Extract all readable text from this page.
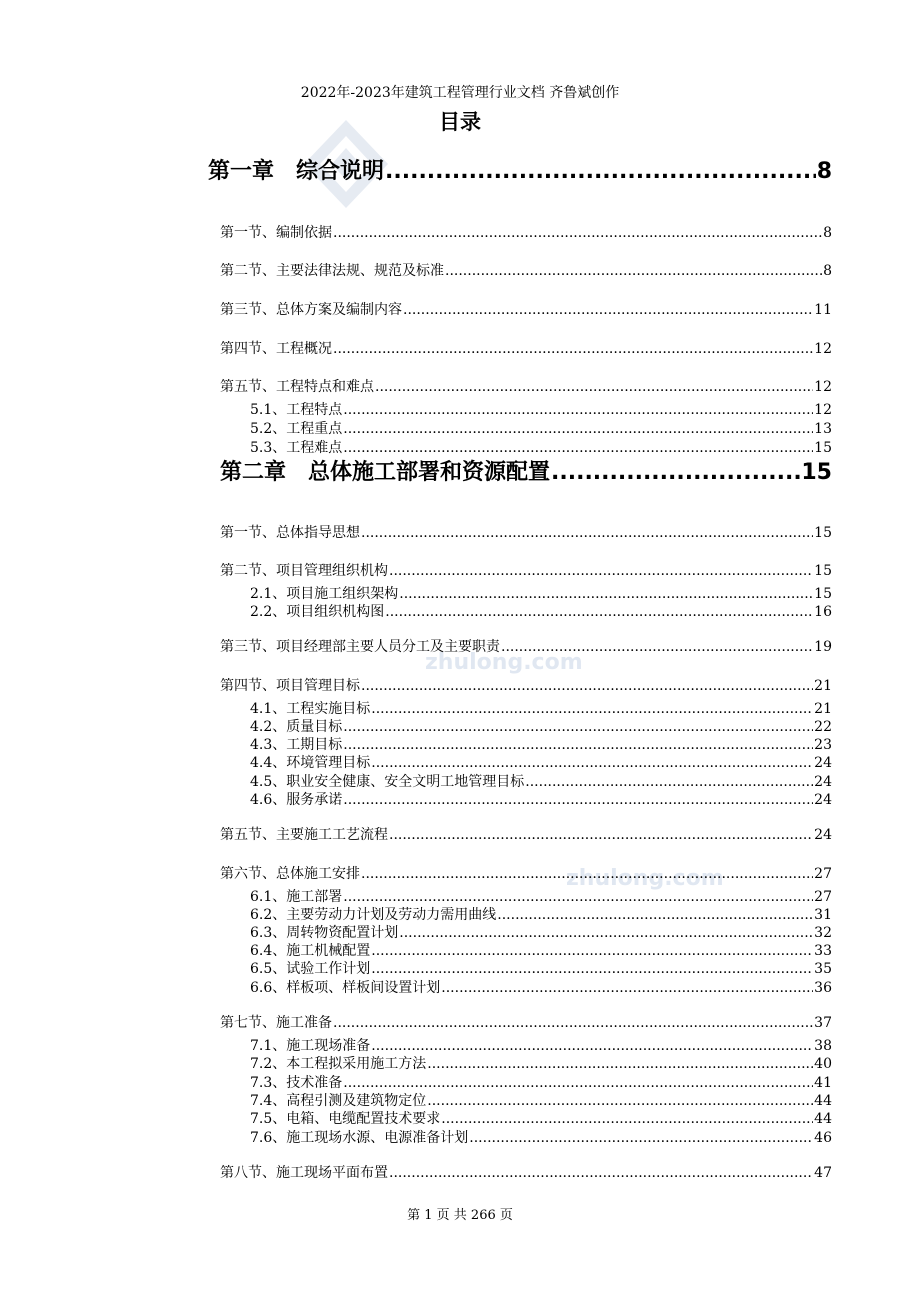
2022年-2023年建筑工程管理行业文档 齐鲁斌创作
目录
zhulong.com
zhulong.com
第一章　综合说明 .....	8
第一节、编制依据 .....	8
第二节、主要法律法规、规范及标准 .....	8
第三节、总体方案及编制内容 .....	11
第四节、工程概况 .....	12
第五节、工程特点和难点 .....	12
5.1、工程特点 .....	12
5.2、工程重点 .....	13
5.3、工程难点 .....	15
第二章　总体施工部署和资源配置 .....	15
第一节、总体指导思想 .....	15
第二节、项目管理组织机构 .....	15
2.1、项目施工组织架构 .....	15
2.2、项目组织机构图 .....	16
第三节、项目经理部主要人员分工及主要职责 .....	19
第四节、项目管理目标 .....	21
4.1、工程实施目标 .....	21
4.2、质量目标 .....	22
4.3、工期目标 .....	23
4.4、环境管理目标 .....	24
4.5、职业安全健康、安全文明工地管理目标 .....	24
4.6、服务承诺 .....	24
第五节、主要施工工艺流程 .....	24
第六节、总体施工安排 .....	27
6.1、施工部署 .....	27
6.2、主要劳动力计划及劳动力需用曲线 .....	31
6.3、周转物资配置计划 .....	32
6.4、施工机械配置 .....	33
6.5、试验工作计划 .....	35
6.6、样板项、样板间设置计划 .....	36
第七节、施工准备 .....	37
7.1、施工现场准备 .....	38
7.2、本工程拟采用施工方法 .....	40
7.3、技术准备 .....	41
7.4、高程引测及建筑物定位 .....	44
7.5、电箱、电缆配置技术要求 .....	44
7.6、施工现场水源、电源准备计划 .....	46
第八节、施工现场平面布置 .....	47
第 1 页 共 266 页
